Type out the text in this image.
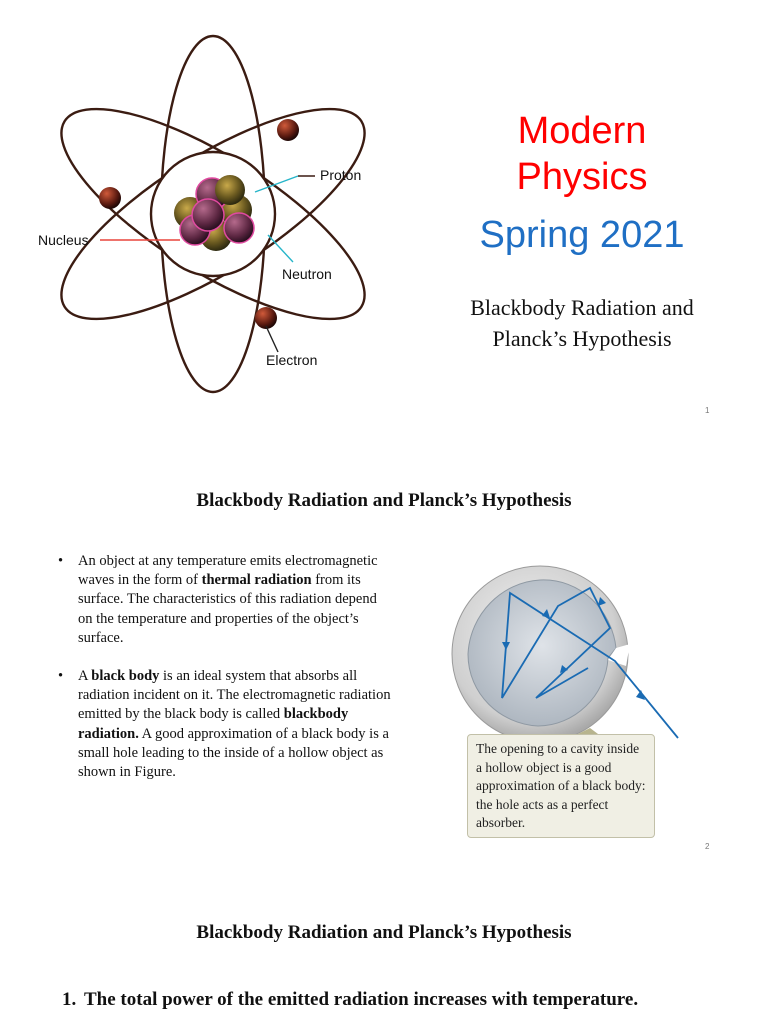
Proton
Nucleus
Neutron
Electron
Modern
Physics
Spring 2021
Blackbody Radiation and
Planck’s Hypothesis
1
Blackbody Radiation and Planck’s Hypothesis
• An object at any temperature emits electromagnetic waves in the form of thermal radiation from its surface. The characteristics of this radiation depend on the temperature and properties of the object’s surface.
• A black body is an ideal system that absorbs all radiation incident on it. The electromagnetic radiation emitted by the black body is called blackbody radiation. A good approximation of a black body is a small hole leading to the inside of a hollow object as shown in Figure.
The opening to a cavity inside a hollow object is a good approximation of a black body: the hole acts as a perfect absorber.
2
Blackbody Radiation and Planck’s Hypothesis
1. The total power of the emitted radiation increases with temperature.
